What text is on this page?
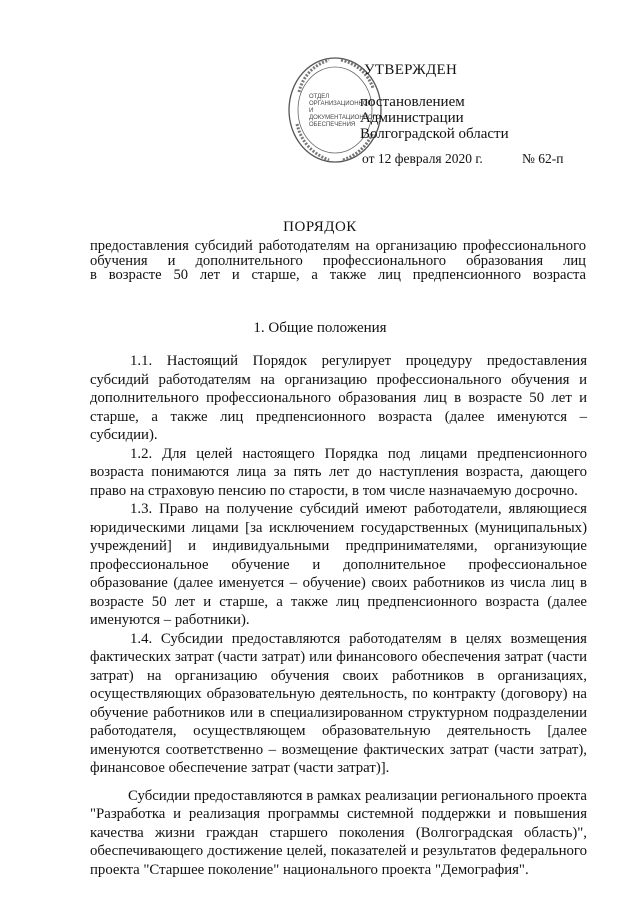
ОТДЕЛ ОРГАНИЗАЦИОННОГО И ДОКУМЕНТАЦИОННОГО ОБЕСПЕЧЕНИЯ
УТВЕРЖДЕН
постановлением
Администрации
Волгоградской области
от 12 февраля 2020 г.	№ 62-п
ПОРЯДОК
предоставления субсидий работодателям на организацию профессионального
обучения и дополнительного профессионального образования лиц
в возрасте 50 лет и старше, а также лиц предпенсионного возраста
1. Общие положения

1.1. Настоящий Порядок регулирует процедуру предоставления субсидий работодателям на организацию профессионального обучения и дополнительного профессионального образования лиц в возрасте 50 лет и старше, а также лиц предпенсионного возраста (далее именуются – субсидии).

1.2. Для целей настоящего Порядка под лицами предпенсионного возраста понимаются лица за пять лет до наступления возраста, дающего право на страховую пенсию по старости, в том числе назначаемую досрочно.

1.3. Право на получение субсидий имеют работодатели, являющиеся юридическими лицами [за исключением государственных (муниципальных) учреждений] и индивидуальными предпринимателями, организующие профессиональное обучение и дополнительное профессиональное образование (далее именуется – обучение) своих работников из числа лиц в возрасте 50 лет и старше, а также лиц предпенсионного возраста (далее именуются – работники).

1.4. Субсидии предоставляются работодателям в целях возмещения фактических затрат (части затрат) или финансового обеспечения затрат (части затрат) на организацию обучения своих работников в организациях, осуществляющих образовательную деятельность, по контракту (договору) на обучение работников или в специализированном структурном подразделении работодателя, осуществляющем образовательную деятельность [далее именуются соответственно – возмещение фактических затрат (части затрат), финансовое обеспечение затрат (части затрат)].

Субсидии предоставляются в рамках реализации регионального проекта "Разработка и реализация программы системной поддержки и повышения качества жизни граждан старшего поколения (Волгоградская область)", обеспечивающего достижение целей, показателей и результатов федерального проекта "Старшее поколение" национального проекта "Демография".
